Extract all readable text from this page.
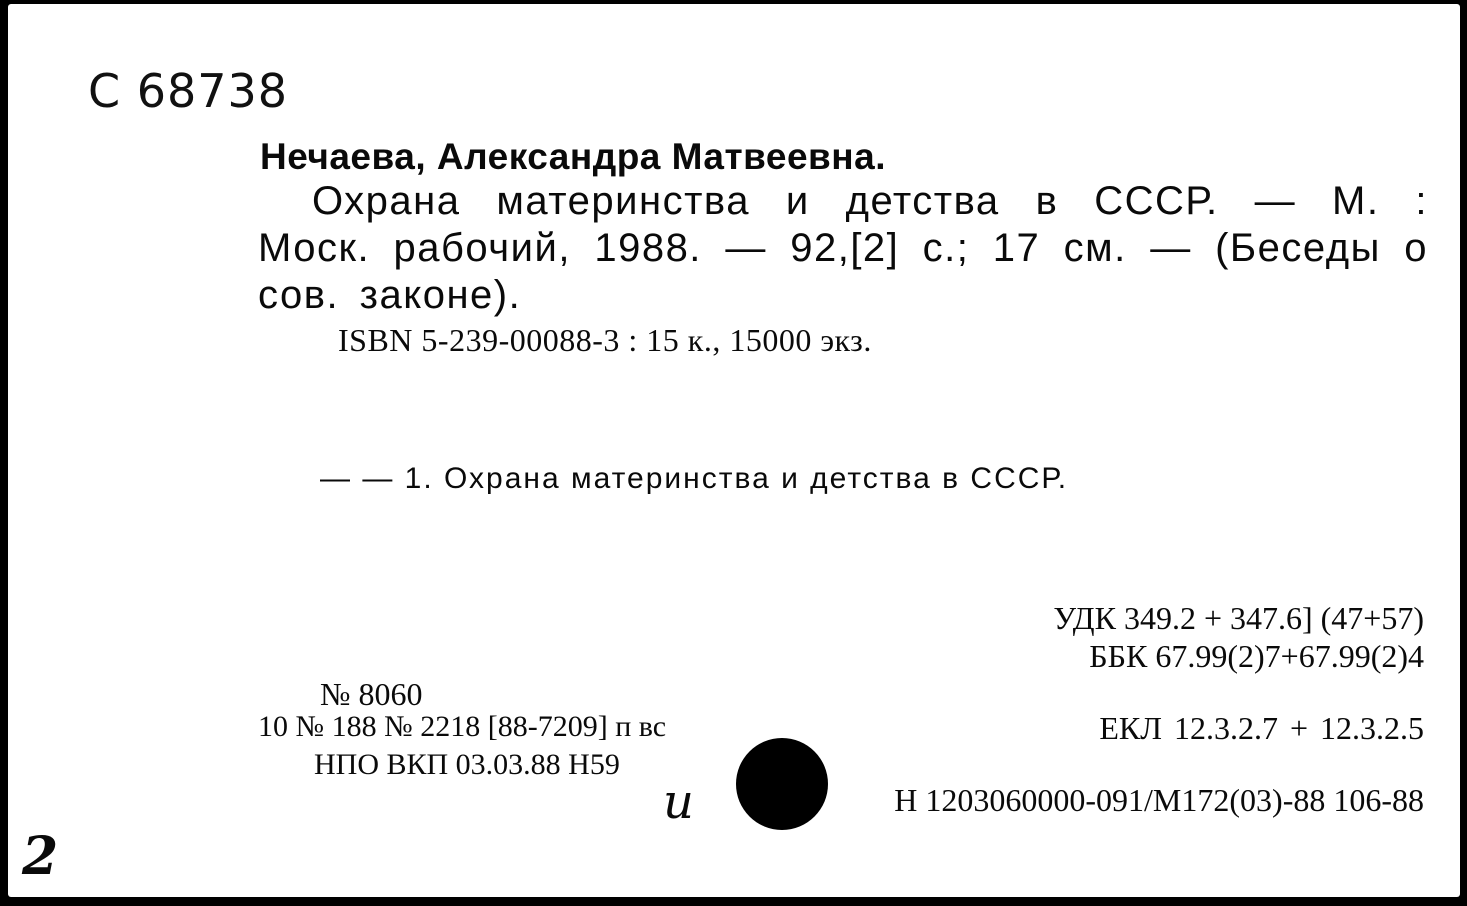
С 68738
Нечаева, Александра Матвеевна.
Охрана материнства и детства в СССР. — М. : Моск. рабочий, 1988. — 92,[2] с.; 17 см. — (Беседы о сов. законе).
ISBN 5-239-00088-3 : 15 к., 15000 экз.
— — 1. Охрана материнства и детства в СССР.
УДК 349.2 + 347.6] (47+57)
ББК 67.99(2)7+67.99(2)4
№ 8060
10 № 188 № 2218 [88-7209] п вс
НПО ВКП 03.03.88 Н59
ЕКЛ 12.3.2.7 + 12.3.2.5
Н 1203060000-091/М172(03)-88 106-88
и
2
